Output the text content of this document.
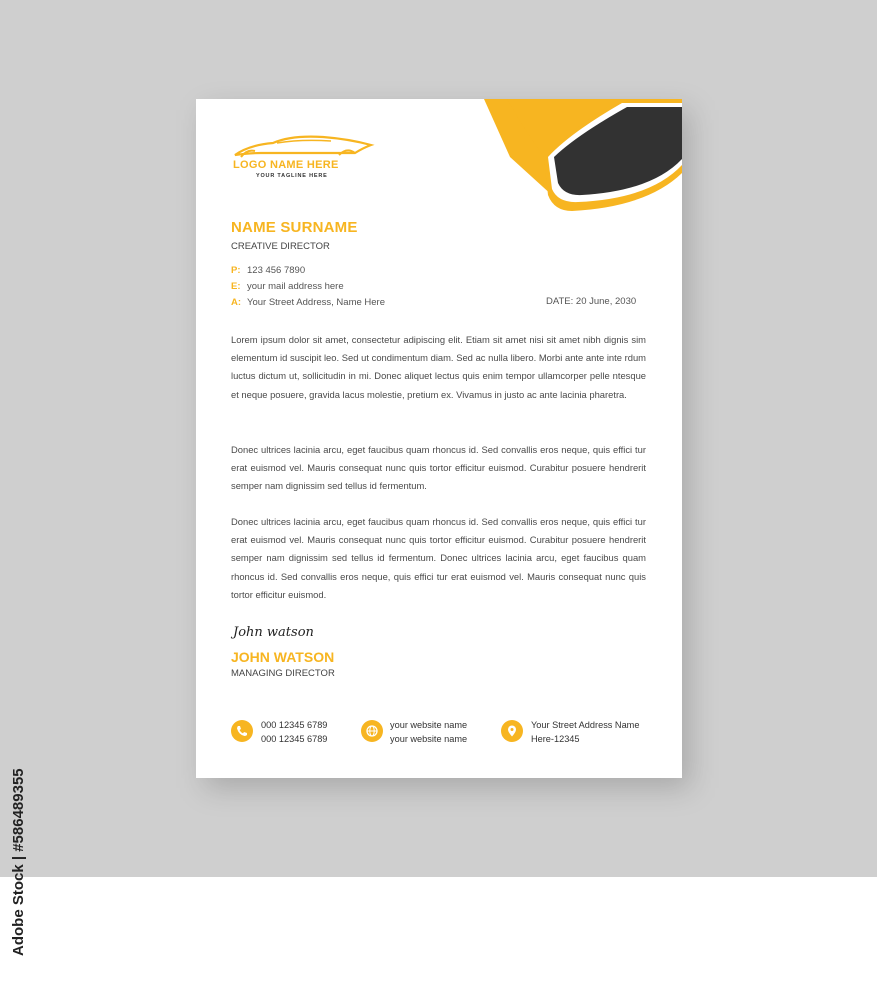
LOGO NAME HERE
YOUR TAGLINE HERE
NAME SURNAME
CREATIVE DIRECTOR
P: 123 456 7890
E: your mail address here
A: Your Street Address, Name Here	DATE: 20 June, 2030

Lorem ipsum dolor sit amet, consectetur adipiscing elit. Etiam sit amet nisi sit amet nibh dignis sim elementum id suscipit leo. Sed ut condimentum diam. Sed ac nulla libero. Morbi ante ante inte rdum luctus dictum ut, sollicitudin in mi. Donec aliquet lectus quis enim tempor ullamcorper pelle ntesque et neque posuere, gravida lacus molestie, pretium ex. Vivamus in justo ac ante lacinia pharetra.

Donec ultrices lacinia arcu, eget faucibus quam rhoncus id. Sed convallis eros neque, quis effici tur erat euismod vel. Mauris consequat nunc quis tortor efficitur euismod. Curabitur posuere hendrerit semper nam dignissim sed tellus id fermentum.

Donec ultrices lacinia arcu, eget faucibus quam rhoncus id. Sed convallis eros neque, quis effici tur erat euismod vel. Mauris consequat nunc quis tortor efficitur euismod. Curabitur posuere hendrerit semper nam dignissim sed tellus id fermentum. Donec ultrices lacinia arcu, eget faucibus quam rhoncus id. Sed convallis eros neque, quis effici tur erat euismod vel. Mauris consequat nunc quis tortor efficitur euismod.

John watson
JOHN WATSON
MANAGING DIRECTOR
000 12345 6789
000 12345 6789
your website name
your website name
Your Street Address Name
Here-12345
Adobe Stock | #586489355
